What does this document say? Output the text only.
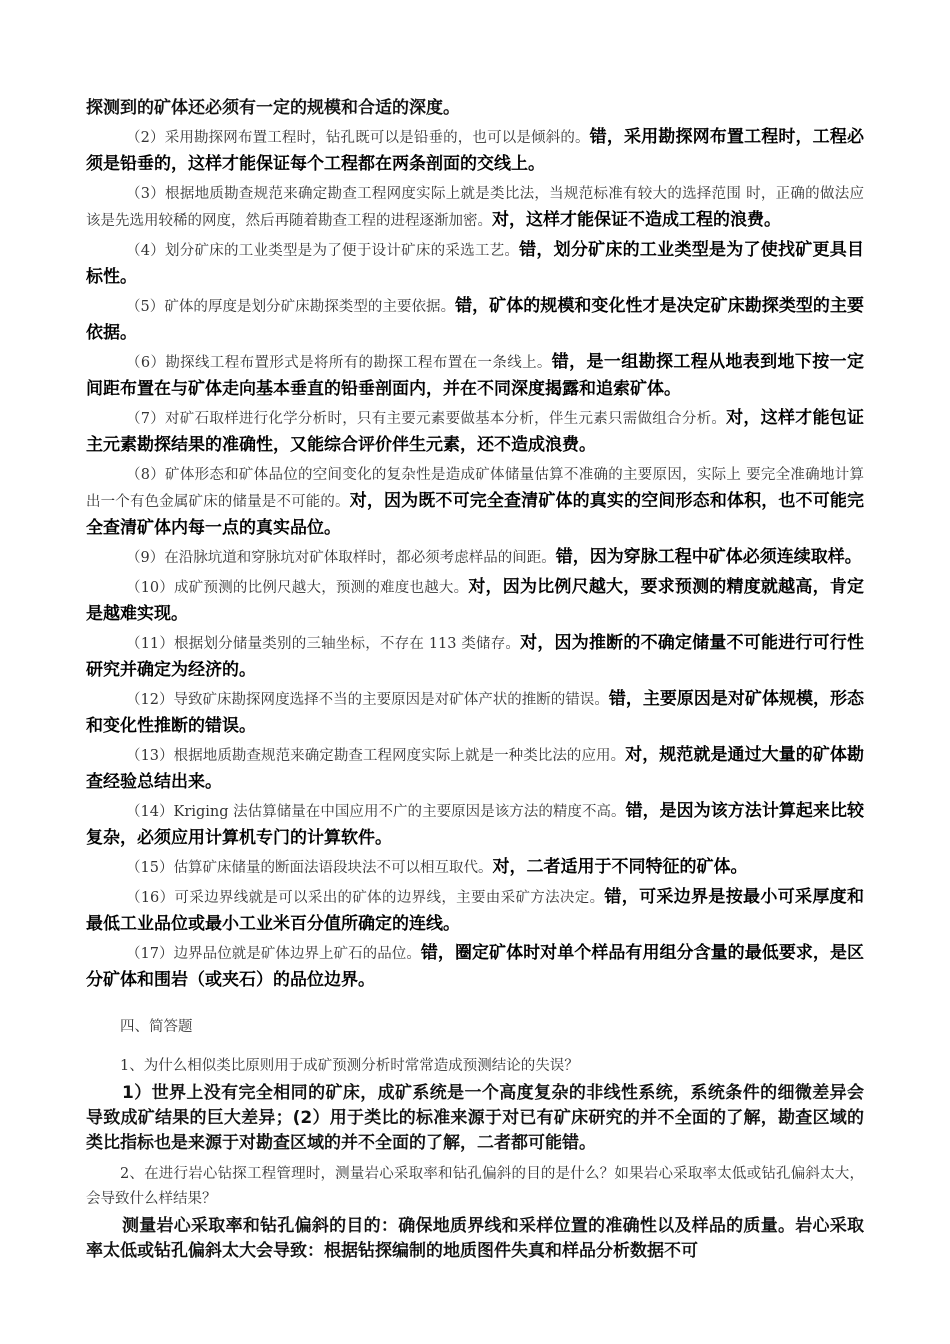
探测到的矿体还必须有一定的规模和合适的深度。

（2）采用勘探网布置工程时，钻孔既可以是铅垂的，也可以是倾斜的。错，采用勘探网布置工程时，工程必须是铅垂的，这样才能保证每个工程都在两条剖面的交线上。

（3）根据地质勘查规范来确定勘查工程网度实际上就是类比法，当规范标准有较大的选择范围 时，正确的做法应该是先选用较稀的网度，然后再随着勘查工程的进程逐渐加密。对，这样才能保证不造成工程的浪费。

（4）划分矿床的工业类型是为了便于设计矿床的采选工艺。错，划分矿床的工业类型是为了使找矿更具目标性。

（5）矿体的厚度是划分矿床勘探类型的主要依据。错，矿体的规模和变化性才是决定矿床勘探类型的主要依据。

（6）勘探线工程布置形式是将所有的勘探工程布置在一条线上。错，是一组勘探工程从地表到地下按一定间距布置在与矿体走向基本垂直的铅垂剖面内，并在不同深度揭露和追索矿体。

（7）对矿石取样进行化学分析时，只有主要元素要做基本分析，伴生元素只需做组合分析。对，这样才能包证主元素勘探结果的准确性，又能综合评价伴生元素，还不造成浪费。

（8）矿体形态和矿体品位的空间变化的复杂性是造成矿体储量估算不准确的主要原因，实际上 要完全准确地计算出一个有色金属矿床的储量是不可能的。对，因为既不可完全查清矿体的真实的空间形态和体积，也不可能完全查清矿体内每一点的真实品位。

（9）在沿脉坑道和穿脉坑对矿体取样时，都必须考虑样品的间距。错，因为穿脉工程中矿体必须连续取样。

（10）成矿预测的比例尺越大，预测的难度也越大。对，因为比例尺越大，要求预测的精度就越高，肯定是越难实现。

（11）根据划分储量类别的三轴坐标，不存在 113 类储存。对，因为推断的不确定储量不可能进行可行性研究并确定为经济的。

（12）导致矿床勘探网度选择不当的主要原因是对矿体产状的推断的错误。错，主要原因是对矿体规模，形态和变化性推断的错误。

（13）根据地质勘查规范来确定勘查工程网度实际上就是一种类比法的应用。对，规范就是通过大量的矿体勘查经验总结出来。

（14）Kriging 法估算储量在中国应用不广的主要原因是该方法的精度不高。错，是因为该方法计算起来比较复杂，必须应用计算机专门的计算软件。

（15）估算矿床储量的断面法语段块法不可以相互取代。对，二者适用于不同特征的矿体。

（16）可采边界线就是可以采出的矿体的边界线，主要由采矿方法决定。错，可采边界是按最小可采厚度和最低工业品位或最小工业米百分值所确定的连线。

（17）边界品位就是矿体边界上矿石的品位。错，圈定矿体时对单个样品有用组分含量的最低要求，是区分矿体和围岩（或夹石）的品位边界。

四、简答题

1、为什么相似类比原则用于成矿预测分析时常常造成预测结论的失误？

1）世界上没有完全相同的矿床，成矿系统是一个高度复杂的非线性系统，系统条件的细微差异会导致成矿结果的巨大差异；(2）用于类比的标准来源于对已有矿床研究的并不全面的了解，勘查区域的类比指标也是来源于对勘查区域的并不全面的了解，二者都可能错。

2、在进行岩心钻探工程管理时，测量岩心采取率和钻孔偏斜的目的是什么？如果岩心采取率太低或钻孔偏斜太大，会导致什么样结果？

测量岩心采取率和钻孔偏斜的目的：确保地质界线和采样位置的准确性以及样品的质量。岩心采取率太低或钻孔偏斜太大会导致：根据钻探编制的地质图件失真和样品分析数据不可
